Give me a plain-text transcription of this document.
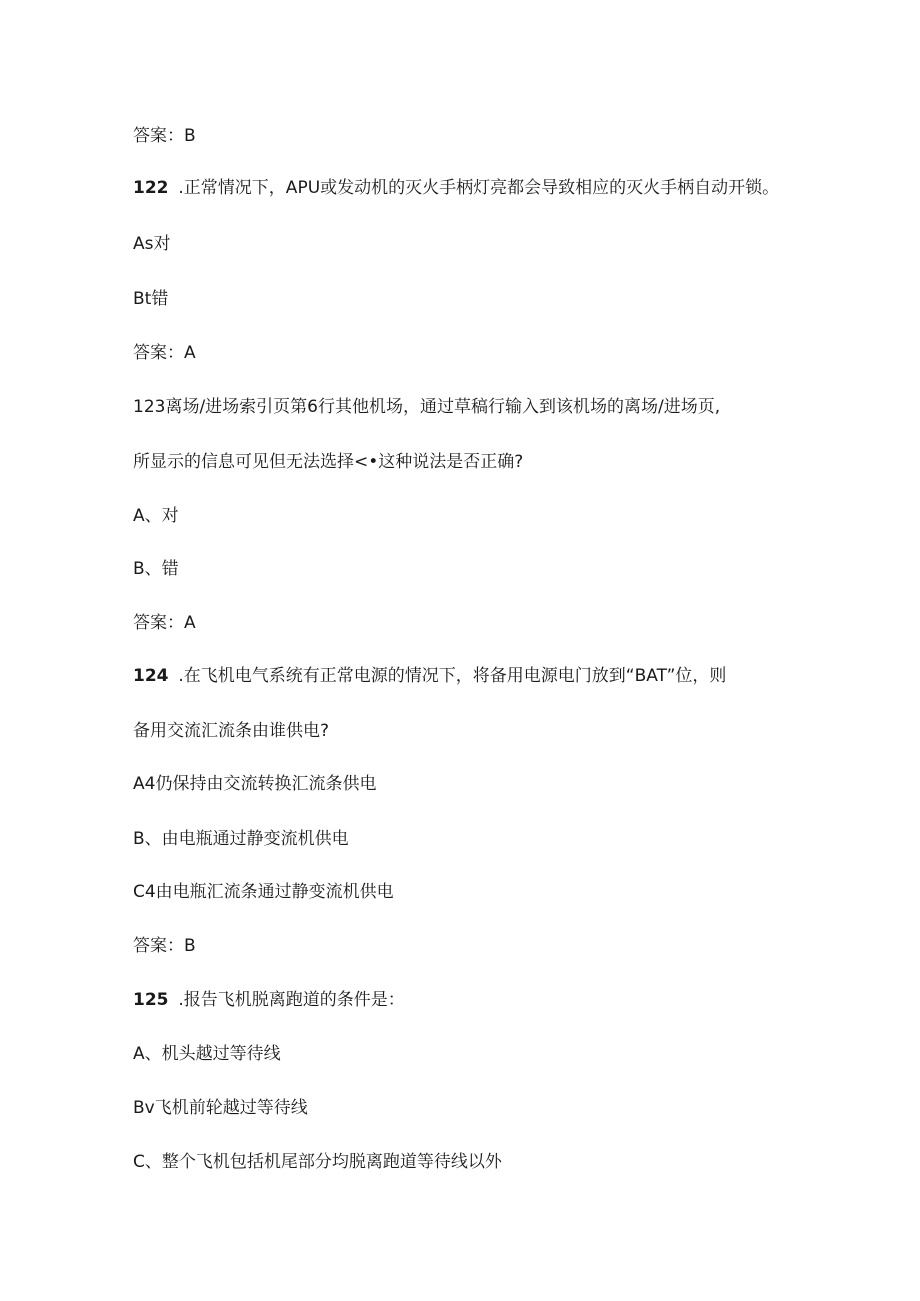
答案：B
122 .正常情况下，APU或发动机的灭火手柄灯亮都会导致相应的灭火手柄自动开锁。
As对
Bt错
答案：A
123离场/进场索引页第6行其他机场，通过草稿行输入到该机场的离场/进场页,
所显示的信息可见但无法选择<•这种说法是否正确?
A、对
B、错
答案：A
124 .在飞机电气系统有正常电源的情况下，将备用电源电门放到“BAT”位，则
备用交流汇流条由谁供电?
A4仍保持由交流转换汇流条供电
B、由电瓶通过静变流机供电
C4由电瓶汇流条通过静变流机供电
答案：B
125 .报告飞机脱离跑道的条件是：
A、机头越过等待线
Bv飞机前轮越过等待线
C、整个飞机包括机尾部分均脱离跑道等待线以外
